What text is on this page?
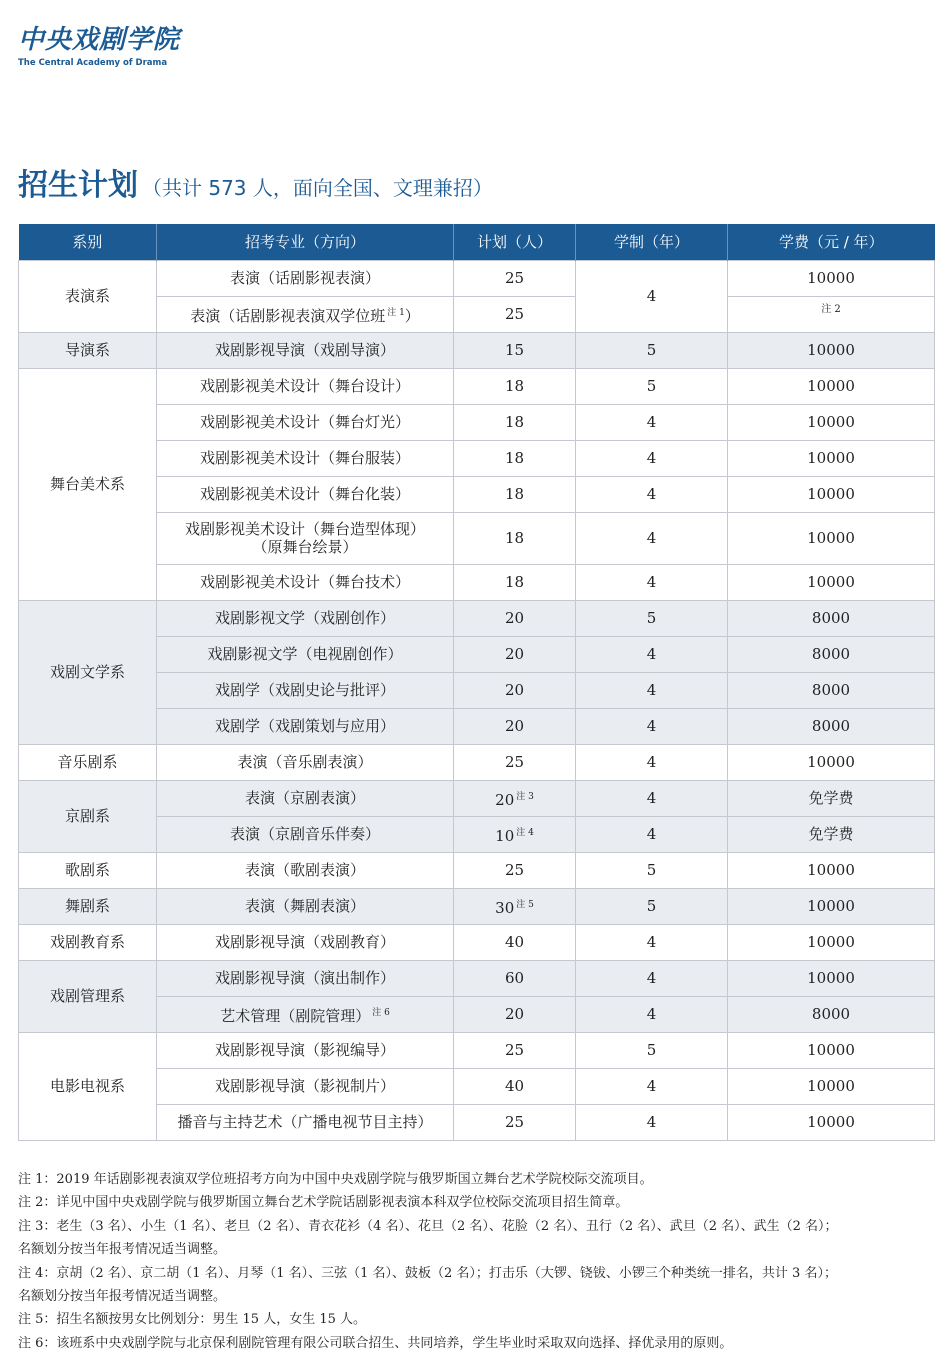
中央戏剧学院
The Central Academy of Drama
招生计划 （共计 573 人，面向全国、文理兼招）
系别	招考专业（方向）	计划（人）	学制（年）	学费（元 / 年）
表演系	表演（话剧影视表演）	25	4	10000
	表演（话剧影视表演双学位班 $^{注 1}$）	25		注 2
导演系	戏剧影视导演（戏剧导演）	15	5	10000
舞台美术系	戏剧影视美术设计（舞台设计）	18	5	10000
	戏剧影视美术设计（舞台灯光）	18	4	10000
	戏剧影视美术设计（舞台服装）	18	4	10000
	戏剧影视美术设计（舞台化装）	18	4	10000

	戏剧影视美术设计（舞台造型体现）
（原舞台绘景）	18	4	10000
	戏剧影视美术设计（舞台技术）	18	4	10000
戏剧文学系	戏剧影视文学（戏剧创作）	20	5	8000
	戏剧影视文学（电视剧创作）	20	4	8000
	戏剧学（戏剧史论与批评）	20	4	8000
	戏剧学（戏剧策划与应用）	20	4	8000
音乐剧系	表演（音乐剧表演）	25	4	10000
京剧系	表演（京剧表演）	20 $^{注 3}$	4	免学费
	表演（京剧音乐伴奏）	10 $^{注 4}$	4	免学费
歌剧系	表演（歌剧表演）	25	5	10000
舞剧系	表演（舞剧表演）	30 $^{注 5}$	5	10000
戏剧教育系	戏剧影视导演（戏剧教育）	40	4	10000
戏剧管理系	戏剧影视导演（演出制作）	60	4	10000
	艺术管理（剧院管理） $^{注 6}$	20	4	8000
电影电视系	戏剧影视导演（影视编导）	25	5	10000
	戏剧影视导演（影视制片）	40	4	10000
	播音与主持艺术（广播电视节目主持）	25	4	10000

注 1：2019 年话剧影视表演双学位班招考方向为中国中央戏剧学院与俄罗斯国立舞台艺术学院校际交流项目。

注 2：详见中国中央戏剧学院与俄罗斯国立舞台艺术学院话剧影视表演本科双学位校际交流项目招生简章。

注 3：老生（3 名）、小生（1 名）、老旦（2 名）、青衣花衫（4 名）、花旦（2 名）、花脸（2 名）、丑行（2 名）、武旦（2 名）、武生（2 名）；

名额划分按当年报考情况适当调整。

注 4：京胡（2 名）、京二胡（1 名）、月琴（1 名）、三弦（1 名）、鼓板（2 名）；打击乐（大锣、铙钹、小锣三个种类统一排名，共计 3 名）；

名额划分按当年报考情况适当调整。

注 5：招生名额按男女比例划分：男生 15 人，女生 15 人。

注 6：该班系中央戏剧学院与北京保利剧院管理有限公司联合招生、共同培养，学生毕业时采取双向选择、择优录用的原则。
